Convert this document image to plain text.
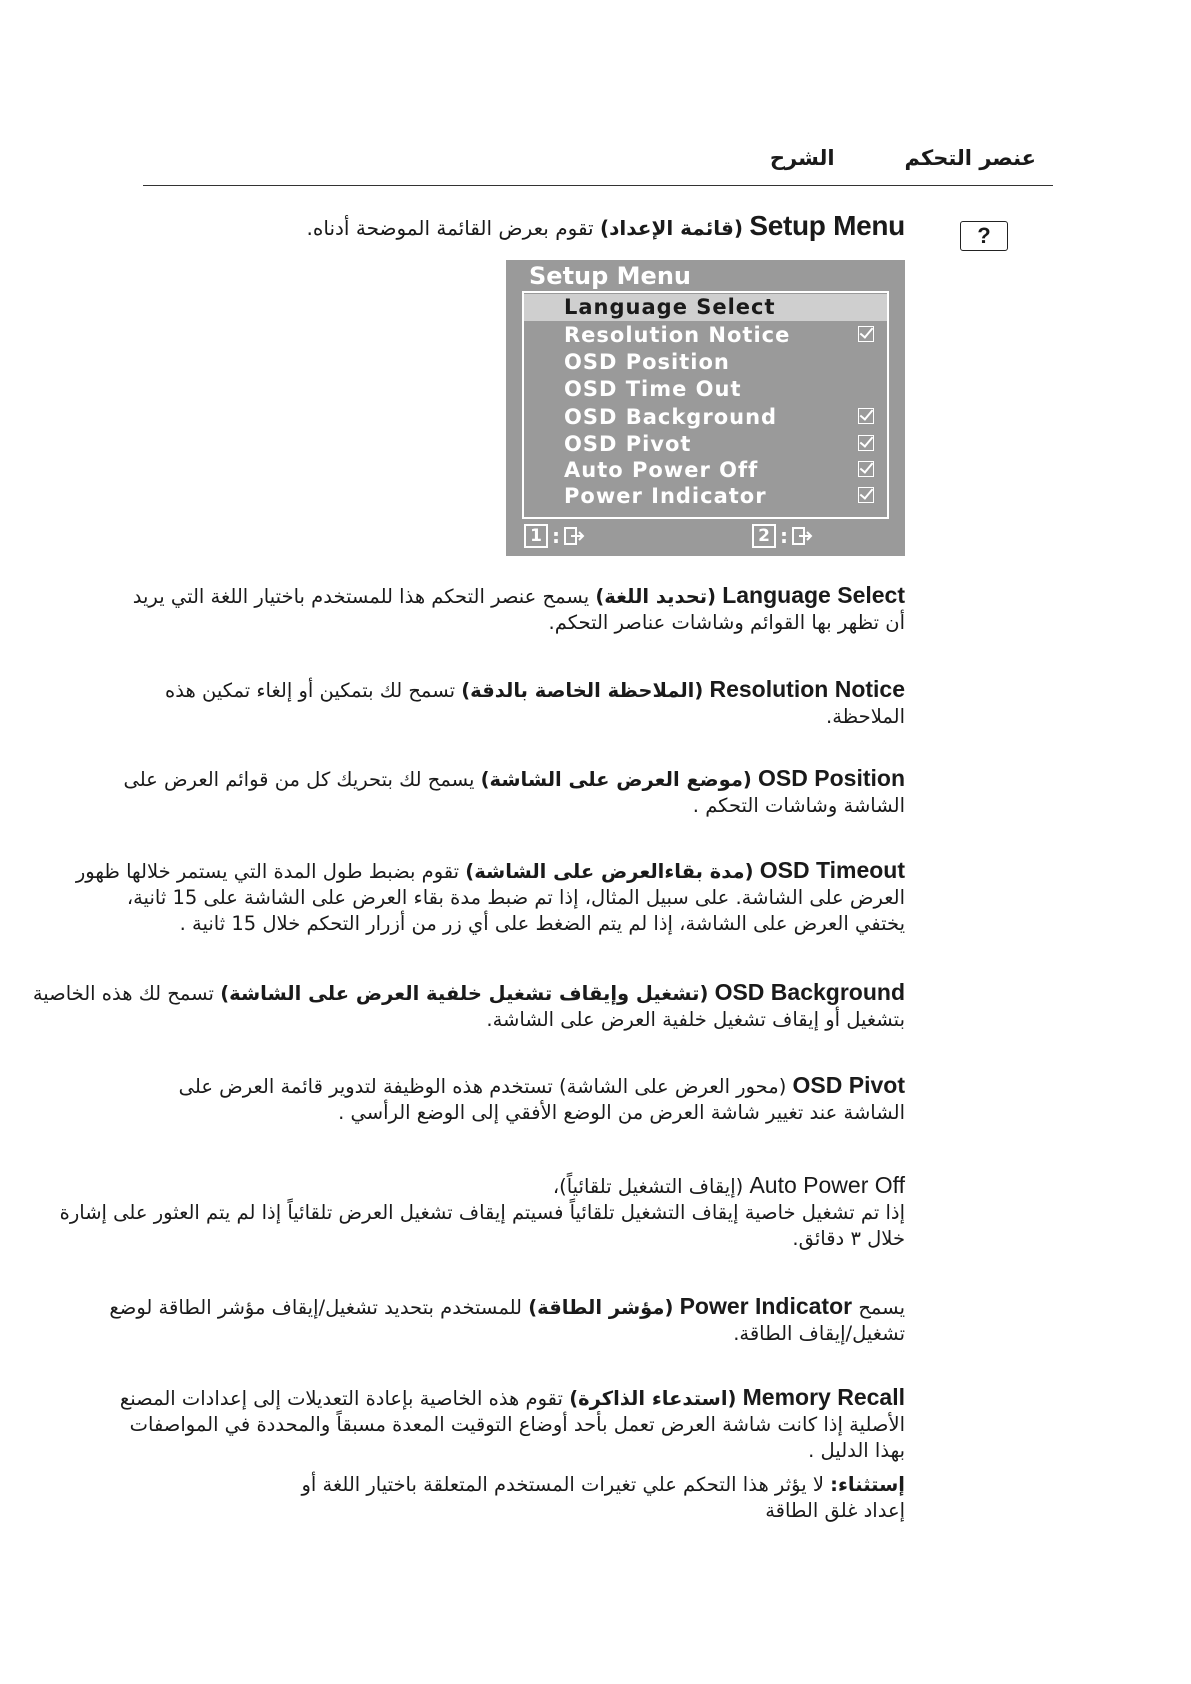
عنصر التحكم
الشرح
?
Setup Menu (قائمة الإعداد) تقوم بعرض القائمة الموضحة أدناه.
Setup Menu
Language Select
Resolution Notice
OSD Position
OSD Time Out
OSD Background
OSD Pivot
Auto Power Off
Power Indicator
1 :	2 :
Language Select (تحديد اللغة) يسمح عنصر التحكم هذا للمستخدم باختيار اللغة التي يريد
أن تظهر بها القوائم وشاشات عناصر التحكم.
Resolution Notice (الملاحظة الخاصة بالدقة) تسمح لك بتمكين أو إلغاء تمكين هذه
الملاحظة.
OSD Position (موضع العرض على الشاشة) يسمح لك بتحريك كل من قوائم العرض على
الشاشة وشاشات التحكم .
OSD Timeout (مدة بقاءالعرض على الشاشة) تقوم بضبط طول المدة التي يستمر خلالها ظهور
العرض على الشاشة. على سبيل المثال، إذا تم ضبط مدة بقاء العرض على الشاشة على 15 ثانية،
يختفي العرض على الشاشة، إذا لم يتم الضغط على أي زر من أزرار التحكم خلال 15 ثانية .
OSD Background (تشغيل وإيقاف تشغيل خلفية العرض على الشاشة) تسمح لك هذه الخاصية
بتشغيل أو إيقاف تشغيل خلفية العرض على الشاشة.
OSD Pivot (محور العرض على الشاشة) تستخدم هذه الوظيفة لتدوير قائمة العرض على
الشاشة عند تغيير شاشة العرض من الوضع الأفقي إلى الوضع الرأسي .
Auto Power Off (إيقاف التشغيل تلقائياً)،
إذا تم تشغيل خاصية إيقاف التشغيل تلقائياً فسيتم إيقاف تشغيل العرض تلقائياً إذا لم يتم العثور على إشارة
خلال ٣ دقائق.
يسمح Power Indicator (مؤشر الطاقة) للمستخدم بتحديد تشغيل/إيقاف مؤشر الطاقة لوضع
تشغيل/إيقاف الطاقة.
Memory Recall (استدعاء الذاكرة) تقوم هذه الخاصية بإعادة التعديلات إلى إعدادات المصنع
الأصلية إذا كانت شاشة العرض تعمل بأحد أوضاع التوقيت المعدة مسبقاً والمحددة في المواصفات
بهذا الدليل .
إستثناء: لا يؤثر هذا التحكم علي تغيرات المستخدم المتعلقة باختيار اللغة أو
إعداد غلق الطاقة
